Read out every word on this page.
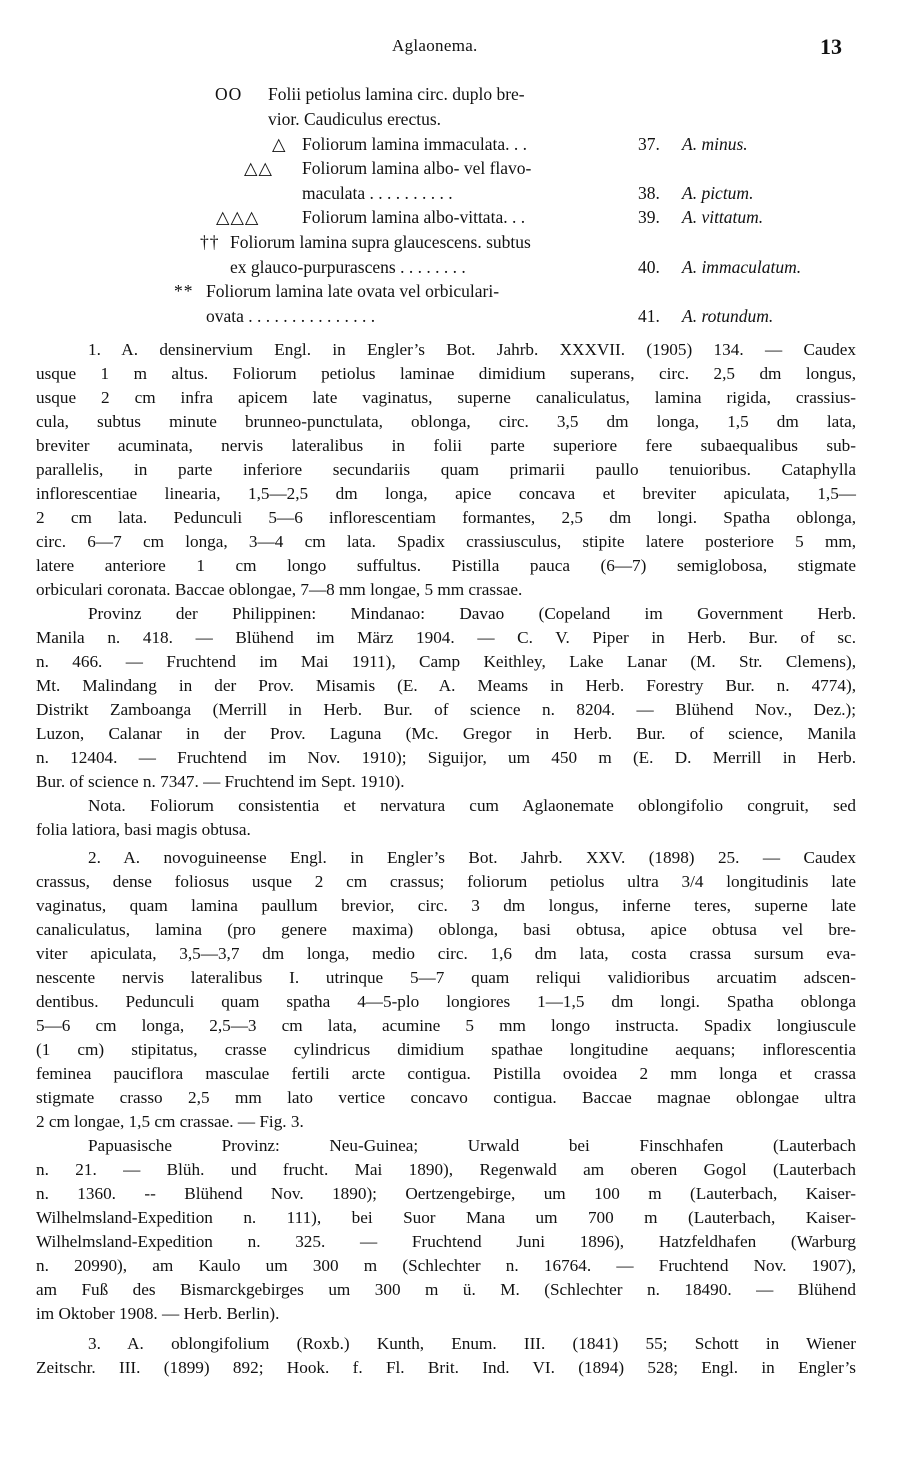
Aglaonema.	13
OO Folii petiolus lamina circ. duplo bre-
vior. Caudiculus erectus.
△ Foliorum lamina immaculata. . .	37. A. minus.
△△ Foliorum lamina albo- vel flavo-
maculata . . . . . . . . . .	38. A. pictum.
△△△ Foliorum lamina albo-vittata. . .	39. A. vittatum.
†† Foliorum lamina supra glaucescens. subtus
ex glauco-purpurascens . . . . . . . .	40. A. immaculatum.
** Foliorum lamina late ovata vel orbiculari-
ovata . . . . . . . . . . . . . . .	41. A. rotundum.
1. A. densinervium Engl. in Engler’s Bot. Jahrb. XXXVII. (1905) 134. — Caudex
usque 1 m altus. Foliorum petiolus laminae dimidium superans, circ. 2,5 dm longus,
usque 2 cm infra apicem late vaginatus, superne canaliculatus, lamina rigida, crassius-
cula, subtus minute brunneo-punctulata, oblonga, circ. 3,5 dm longa, 1,5 dm lata,
breviter acuminata, nervis lateralibus in folii parte superiore fere subaequalibus sub-
parallelis, in parte inferiore secundariis quam primarii paullo tenuioribus. Cataphylla
inflorescentiae linearia, 1,5—2,5 dm longa, apice concava et breviter apiculata, 1,5—
2 cm lata. Pedunculi 5—6 inflorescentiam formantes, 2,5 dm longi. Spatha oblonga,
circ. 6—7 cm longa, 3—4 cm lata. Spadix crassiusculus, stipite latere posteriore 5 mm,
latere anteriore 1 cm longo suffultus. Pistilla pauca (6—7) semiglobosa, stigmate
orbiculari coronata. Baccae oblongae, 7—8 mm longae, 5 mm crassae.
Provinz der Philippinen: Mindanao: Davao (Copeland im Government Herb.
Manila n. 418. — Blühend im März 1904. — C. V. Piper in Herb. Bur. of sc.
n. 466. — Fruchtend im Mai 1911), Camp Keithley, Lake Lanar (M. Str. Clemens),
Mt. Malindang in der Prov. Misamis (E. A. Meams in Herb. Forestry Bur. n. 4774),
Distrikt Zamboanga (Merrill in Herb. Bur. of science n. 8204. — Blühend Nov., Dez.);
Luzon, Calanar in der Prov. Laguna (Mc. Gregor in Herb. Bur. of science, Manila
n. 12404. — Fruchtend im Nov. 1910); Siguijor, um 450 m (E. D. Merrill in Herb.
Bur. of science n. 7347. — Fruchtend im Sept. 1910).
Nota. Foliorum consistentia et nervatura cum Aglaonemate oblongifolio congruit, sed
folia latiora, basi magis obtusa.
2. A. novoguineense Engl. in Engler’s Bot. Jahrb. XXV. (1898) 25. — Caudex
crassus, dense foliosus usque 2 cm crassus; foliorum petiolus ultra 3/4 longitudinis late
vaginatus, quam lamina paullum brevior, circ. 3 dm longus, inferne teres, superne late
canaliculatus, lamina (pro genere maxima) oblonga, basi obtusa, apice obtusa vel bre-
viter apiculata, 3,5—3,7 dm longa, medio circ. 1,6 dm lata, costa crassa sursum eva-
nescente nervis lateralibus I. utrinque 5—7 quam reliqui validioribus arcuatim adscen-
dentibus. Pedunculi quam spatha 4—5-plo longiores 1—1,5 dm longi. Spatha oblonga
5—6 cm longa, 2,5—3 cm lata, acumine 5 mm longo instructa. Spadix longiuscule
(1 cm) stipitatus, crasse cylindricus dimidium spathae longitudine aequans; inflorescentia
feminea pauciflora masculae fertili arcte contigua. Pistilla ovoidea 2 mm longa et crassa
stigmate crasso 2,5 mm lato vertice concavo contigua. Baccae magnae oblongae ultra
2 cm longae, 1,5 cm crassae. — Fig. 3.
Papuasische Provinz: Neu-Guinea; Urwald bei Finschhafen (Lauterbach
n. 21. — Blüh. und frucht. Mai 1890), Regenwald am oberen Gogol (Lauterbach
n. 1360. -- Blühend Nov. 1890); Oertzengebirge, um 100 m (Lauterbach, Kaiser-
Wilhelmsland-Expedition n. 111), bei Suor Mana um 700 m (Lauterbach, Kaiser-
Wilhelmsland-Expedition n. 325. — Fruchtend Juni 1896), Hatzfeldhafen (Warburg
n. 20990), am Kaulo um 300 m (Schlechter n. 16764. — Fruchtend Nov. 1907),
am Fuß des Bismarckgebirges um 300 m ü. M. (Schlechter n. 18490. — Blühend
im Oktober 1908. — Herb. Berlin).
3. A. oblongifolium (Roxb.) Kunth, Enum. III. (1841) 55; Schott in Wiener
Zeitschr. III. (1899) 892; Hook. f. Fl. Brit. Ind. VI. (1894) 528; Engl. in Engler’s
